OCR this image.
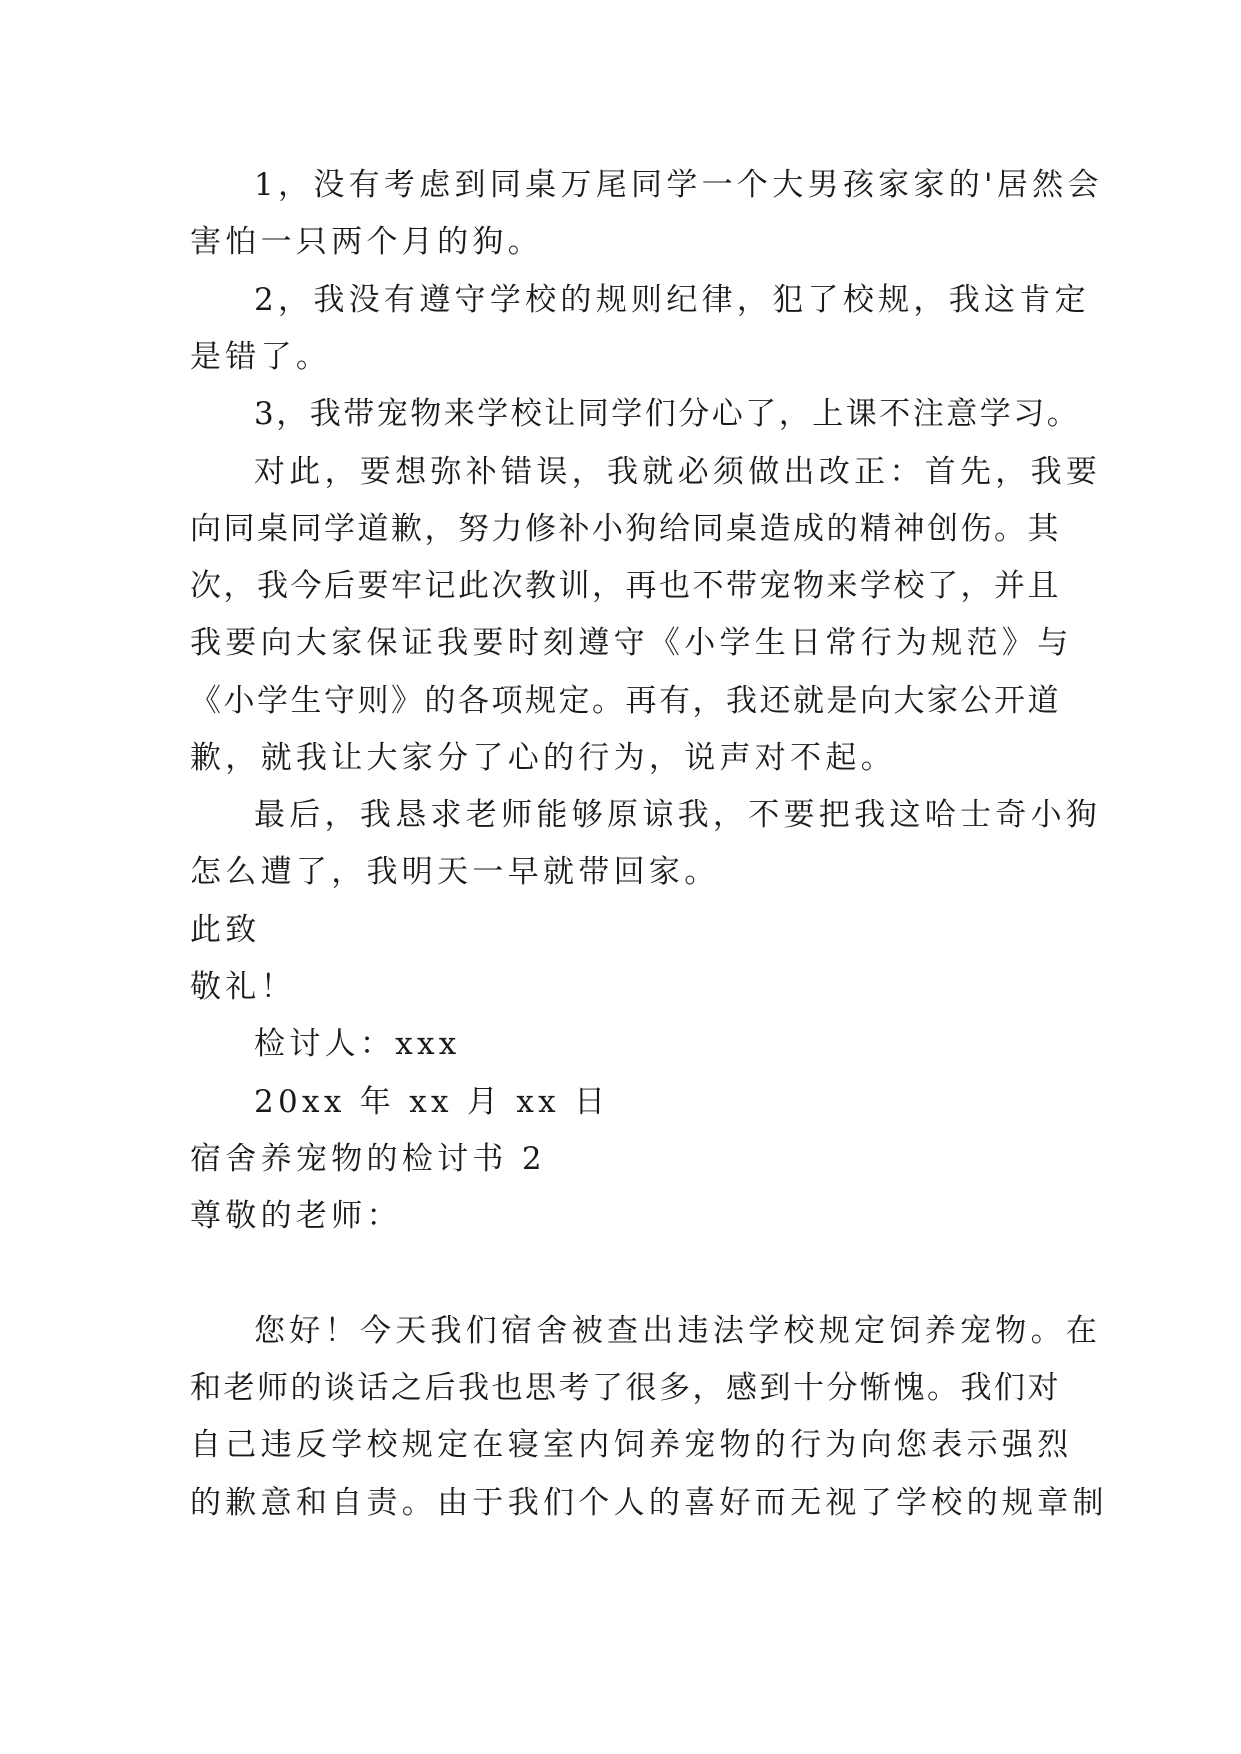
1，没有考虑到同桌万尾同学一个大男孩家家的'居然会
害怕一只两个月的狗。
2，我没有遵守学校的规则纪律，犯了校规，我这肯定
是错了。
3，我带宠物来学校让同学们分心了，上课不注意学习。
对此，要想弥补错误，我就必须做出改正：首先，我要
向同桌同学道歉，努力修补小狗给同桌造成的精神创伤。其
次，我今后要牢记此次教训，再也不带宠物来学校了，并且
我要向大家保证我要时刻遵守《小学生日常行为规范》与
《小学生守则》的各项规定。再有，我还就是向大家公开道
歉，就我让大家分了心的行为，说声对不起。
最后，我恳求老师能够原谅我，不要把我这哈士奇小狗
怎么遭了，我明天一早就带回家。
此致
敬礼！
检讨人：xxx
20xx 年 xx 月 xx 日
宿舍养宠物的检讨书 2
尊敬的老师：
您好！今天我们宿舍被查出违法学校规定饲养宠物。在
和老师的谈话之后我也思考了很多，感到十分惭愧。我们对
自己违反学校规定在寝室内饲养宠物的行为向您表示强烈
的歉意和自责。由于我们个人的喜好而无视了学校的规章制
